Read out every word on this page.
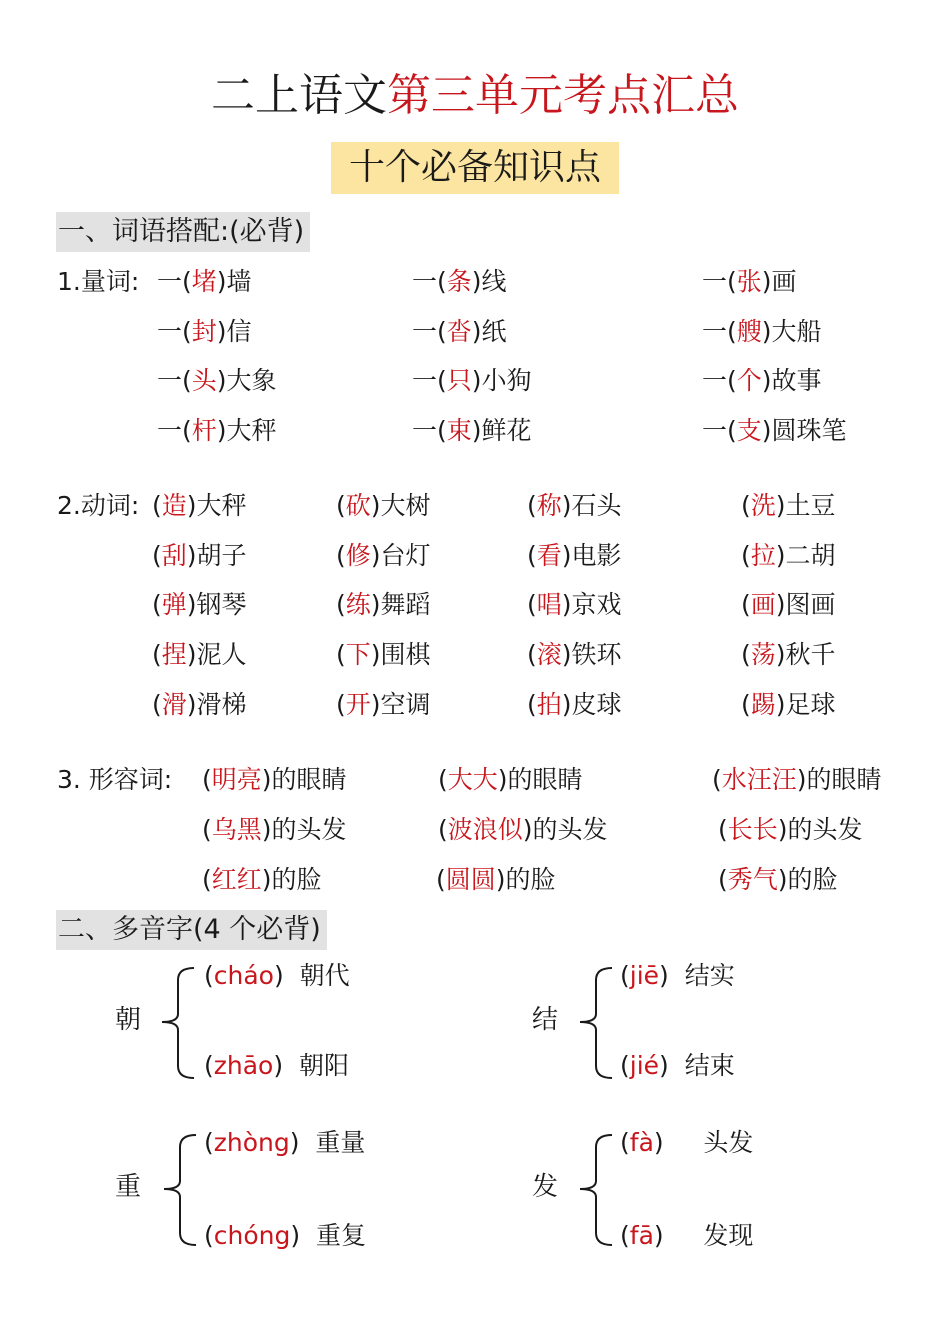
二上语文第三单元考点汇总
十个必备知识点
一、词语搭配:(必背)
1.量词: 一(堵)墙	一(条)线	一(张)画
一(封)信	一(沓)纸	一(艘)大船
一(头)大象	一(只)小狗	一(个)故事
一(杆)大秤	一(束)鲜花	一(支)圆珠笔
2.动词: (造)大秤	(砍)大树	(称)石头	(洗)土豆
(刮)胡子	(修)台灯	(看)电影	(拉)二胡
(弹)钢琴	(练)舞蹈	(唱)京戏	(画)图画
(捏)泥人	(下)围棋	(滚)铁环	(荡)秋千
(滑)滑梯	(开)空调	(拍)皮球	(踢)足球
3. 形容词: (明亮)的眼睛	(大大)的眼睛	(水汪汪)的眼睛
(乌黑)的头发	(波浪似)的头发	(长长)的头发
(红红)的脸	(圆圆)的脸	(秀气)的脸
二、多音字(4 个必背)
朝
(cháo)  朝代
(zhāo)  朝阳
结
(jiē)  结实
(jié)  结束
重
(zhòng)  重量
(chóng)  重复
发
(fà)     头发
(fā)     发现
